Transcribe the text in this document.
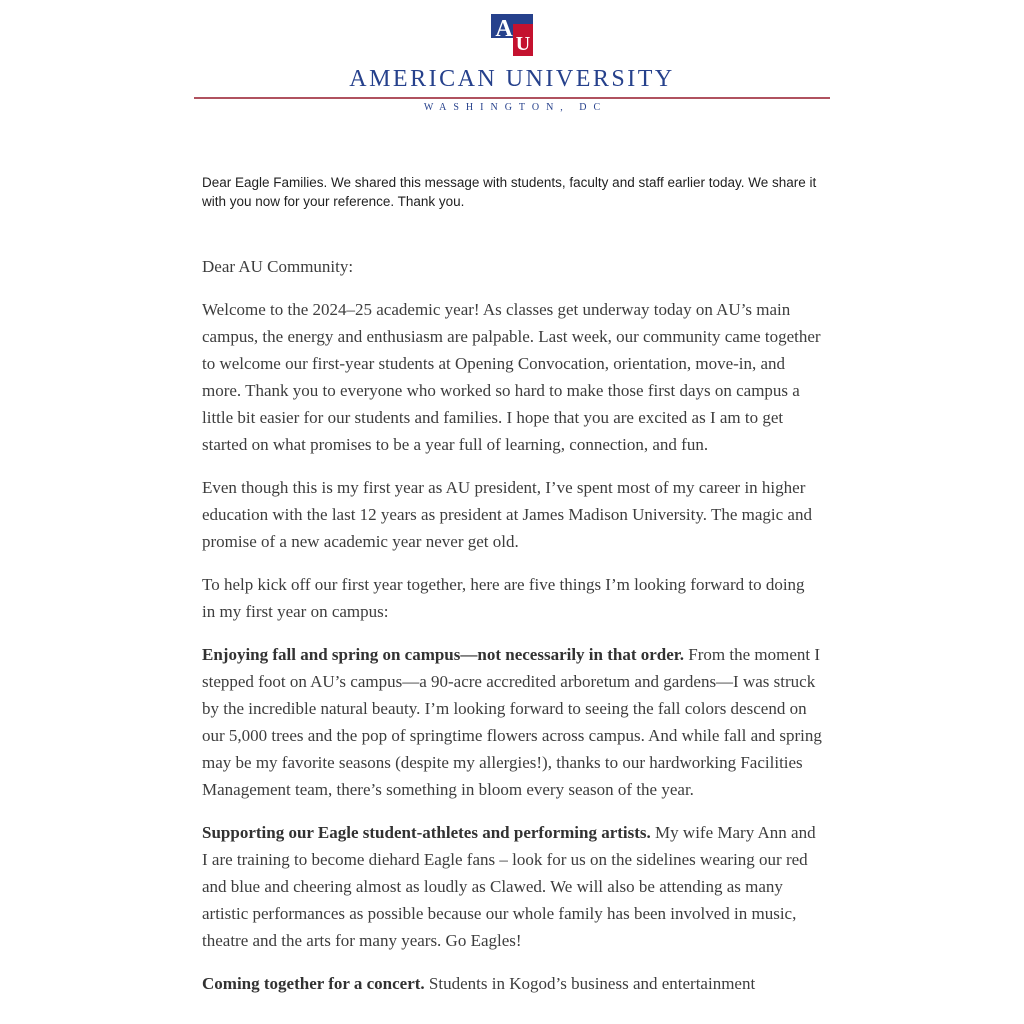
A
U
AMERICAN UNIVERSITY
WASHINGTON, DC

Dear Eagle Families. We shared this message with students, faculty and staff earlier today. We share it with you now for your reference. Thank you.

Dear AU Community:

Welcome to the 2024–25 academic year! As classes get underway today on AU’s main campus, the energy and enthusiasm are palpable. Last week, our community came together to welcome our first-year students at Opening Convocation, orientation, move-in, and more. Thank you to everyone who worked so hard to make those first days on campus a little bit easier for our students and families. I hope that you are excited as I am to get started on what promises to be a year full of learning, connection, and fun.

Even though this is my first year as AU president, I’ve spent most of my career in higher education with the last 12 years as president at James Madison University. The magic and promise of a new academic year never get old.

To help kick off our first year together, here are five things I’m looking forward to doing in my first year on campus:

Enjoying fall and spring on campus—not necessarily in that order. From the moment I stepped foot on AU’s campus—a 90-acre accredited arboretum and gardens—I was struck by the incredible natural beauty. I’m looking forward to seeing the fall colors descend on our 5,000 trees and the pop of springtime flowers across campus. And while fall and spring may be my favorite seasons (despite my allergies!), thanks to our hardworking Facilities Management team, there’s something in bloom every season of the year.

Supporting our Eagle student-athletes and performing artists. My wife Mary Ann and I are training to become diehard Eagle fans – look for us on the sidelines wearing our red and blue and cheering almost as loudly as Clawed. We will also be attending as many artistic performances as possible because our whole family has been involved in music, theatre and the arts for many years. Go Eagles!

Coming together for a concert. Students in Kogod’s business and entertainment
